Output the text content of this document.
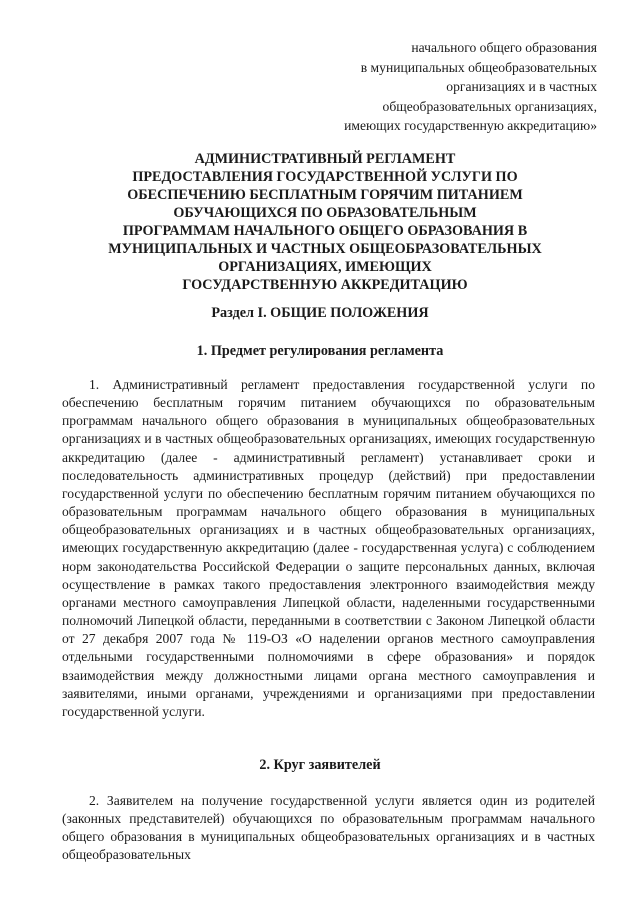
начального общего образования
в муниципальных общеобразовательных
организациях и в частных
общеобразовательных организациях,
имеющих государственную аккредитацию»
АДМИНИСТРАТИВНЫЙ РЕГЛАМЕНТ
ПРЕДОСТАВЛЕНИЯ ГОСУДАРСТВЕННОЙ УСЛУГИ ПО
ОБЕСПЕЧЕНИЮ БЕСПЛАТНЫМ ГОРЯЧИМ ПИТАНИЕМ
ОБУЧАЮЩИХСЯ ПО ОБРАЗОВАТЕЛЬНЫМ
ПРОГРАММАМ НАЧАЛЬНОГО ОБЩЕГО ОБРАЗОВАНИЯ В
МУНИЦИПАЛЬНЫХ И ЧАСТНЫХ ОБЩЕОБРАЗОВАТЕЛЬНЫХ
ОРГАНИЗАЦИЯХ, ИМЕЮЩИХ
ГОСУДАРСТВЕННУЮ АККРЕДИТАЦИЮ
Раздел I. ОБЩИЕ ПОЛОЖЕНИЯ
1. Предмет регулирования регламента
1. Административный регламент предоставления государственной услуги по обеспечению бесплатным горячим питанием обучающихся по образовательным программам начального общего образования в муниципальных общеобразовательных организациях и в частных общеобразовательных организациях, имеющих государственную аккредитацию (далее - административный регламент) устанавливает сроки и последовательность административных процедур (действий) при предоставлении государственной услуги по обеспечению бесплатным горячим питанием обучающихся по образовательным программам начального общего образования в муниципальных общеобразовательных организациях и в частных общеобразовательных организациях, имеющих государственную аккредитацию (далее - государственная услуга) с соблюдением норм законодательства Российской Федерации о защите персональных данных, включая осуществление в рамках такого предоставления электронного взаимодействия между органами местного самоуправления Липецкой области, наделенными государственными полномочий Липецкой области, переданными в соответствии с Законом Липецкой области от 27 декабря 2007 года № 119-ОЗ «О наделении органов местного самоуправления отдельными государственными полномочиями в сфере образования» и порядок взаимодействия между должностными лицами органа местного самоуправления и заявителями, иными органами, учреждениями и организациями при предоставлении государственной услуги.
2. Круг заявителей
2. Заявителем на получение государственной услуги является один из родителей (законных представителей) обучающихся по образовательным программам начального общего образования в муниципальных общеобразовательных организациях и в частных общеобразовательных
